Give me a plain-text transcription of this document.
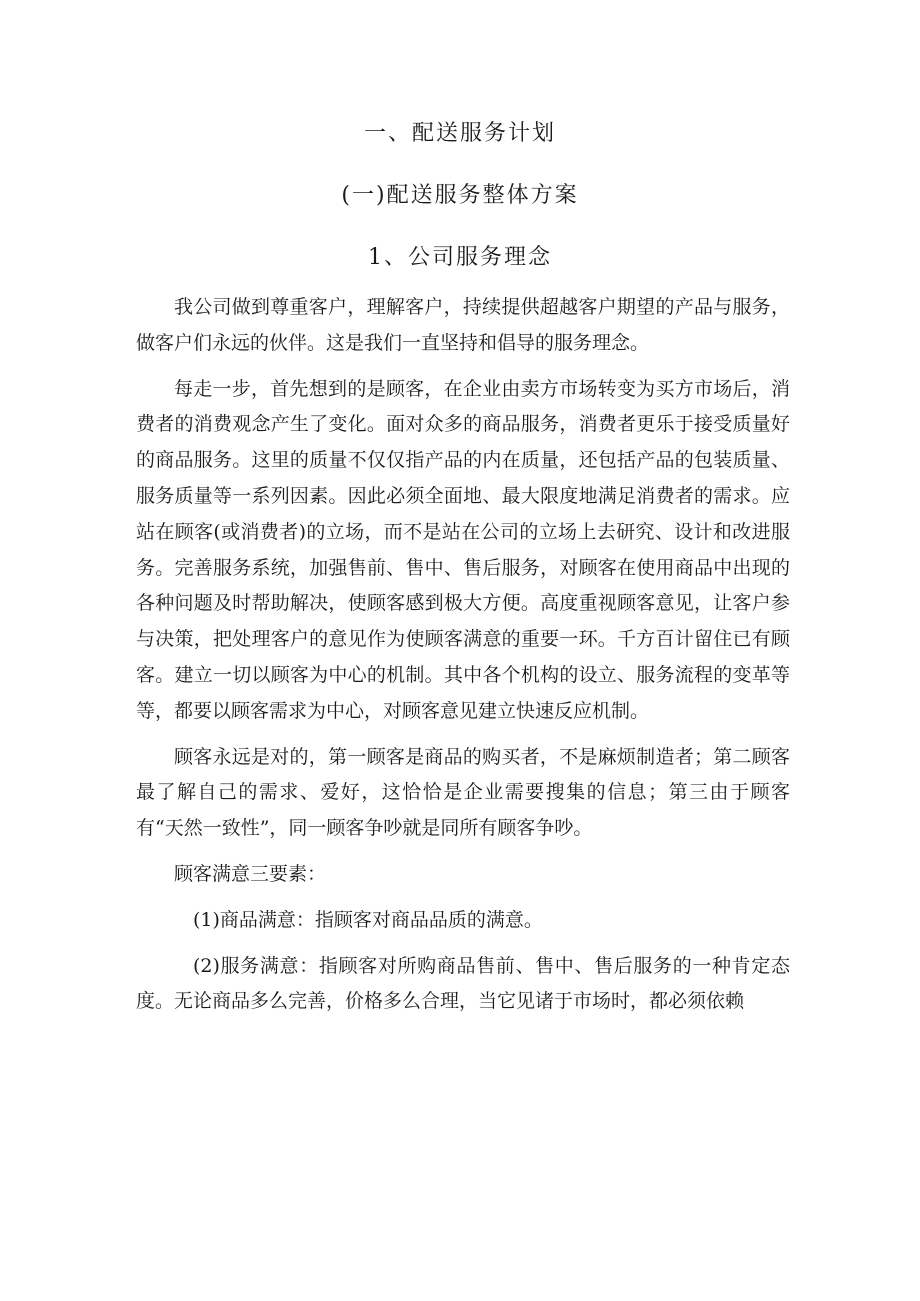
一、配送服务计划
(一)配送服务整体方案
1、公司服务理念

我公司做到尊重客户，理解客户，持续提供超越客户期望的产品与服务，做客户们永远的伙伴。这是我们一直坚持和倡导的服务理念。

每走一步，首先想到的是顾客，在企业由卖方市场转变为买方市场后，消费者的消费观念产生了变化。面对众多的商品服务，消费者更乐于接受质量好的商品服务。这里的质量不仅仅指产品的内在质量，还包括产品的包装质量、服务质量等一系列因素。因此必须全面地、最大限度地满足消费者的需求。应站在顾客(或消费者)的立场，而不是站在公司的立场上去研究、设计和改进服务。完善服务系统，加强售前、售中、售后服务，对顾客在使用商品中出现的各种问题及时帮助解决，使顾客感到极大方便。高度重视顾客意见，让客户参与决策，把处理客户的意见作为使顾客满意的重要一环。千方百计留住已有顾客。建立一切以顾客为中心的机制。其中各个机构的设立、服务流程的变革等等，都要以顾客需求为中心，对顾客意见建立快速反应机制。

顾客永远是对的，第一顾客是商品的购买者，不是麻烦制造者；第二顾客最了解自己的需求、爱好，这恰恰是企业需要搜集的信息；第三由于顾客有“天然一致性”，同一顾客争吵就是同所有顾客争吵。

顾客满意三要素：

(1)商品满意：指顾客对商品品质的满意。

(2)服务满意：指顾客对所购商品售前、售中、售后服务的一种肯定态度。无论商品多么完善，价格多么合理，当它见诸于市场时，都必须依赖
